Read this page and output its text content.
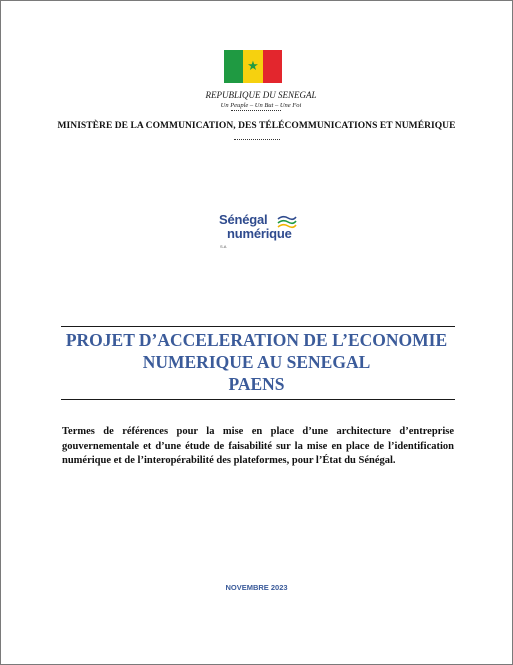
★
REPUBLIQUE DU SENEGAL
Un Peuple – Un But – Une Foi
MINISTÈRE DE LA COMMUNICATION, DES TÉLÉCOMMUNICATIONS ET NUMÉRIQUE
Sénégal
numérique
S.A
PROJET D’ACCELERATION DE L’ECONOMIE
NUMERIQUE AU SENEGAL
PAENS
Termes de références pour la mise en place d’une architecture d’entreprise gouvernementale et d’une étude de faisabilité sur la mise en place de l’identification numérique et de l’interopérabilité des plateformes, pour l’État du Sénégal.
NOVEMBRE 2023
